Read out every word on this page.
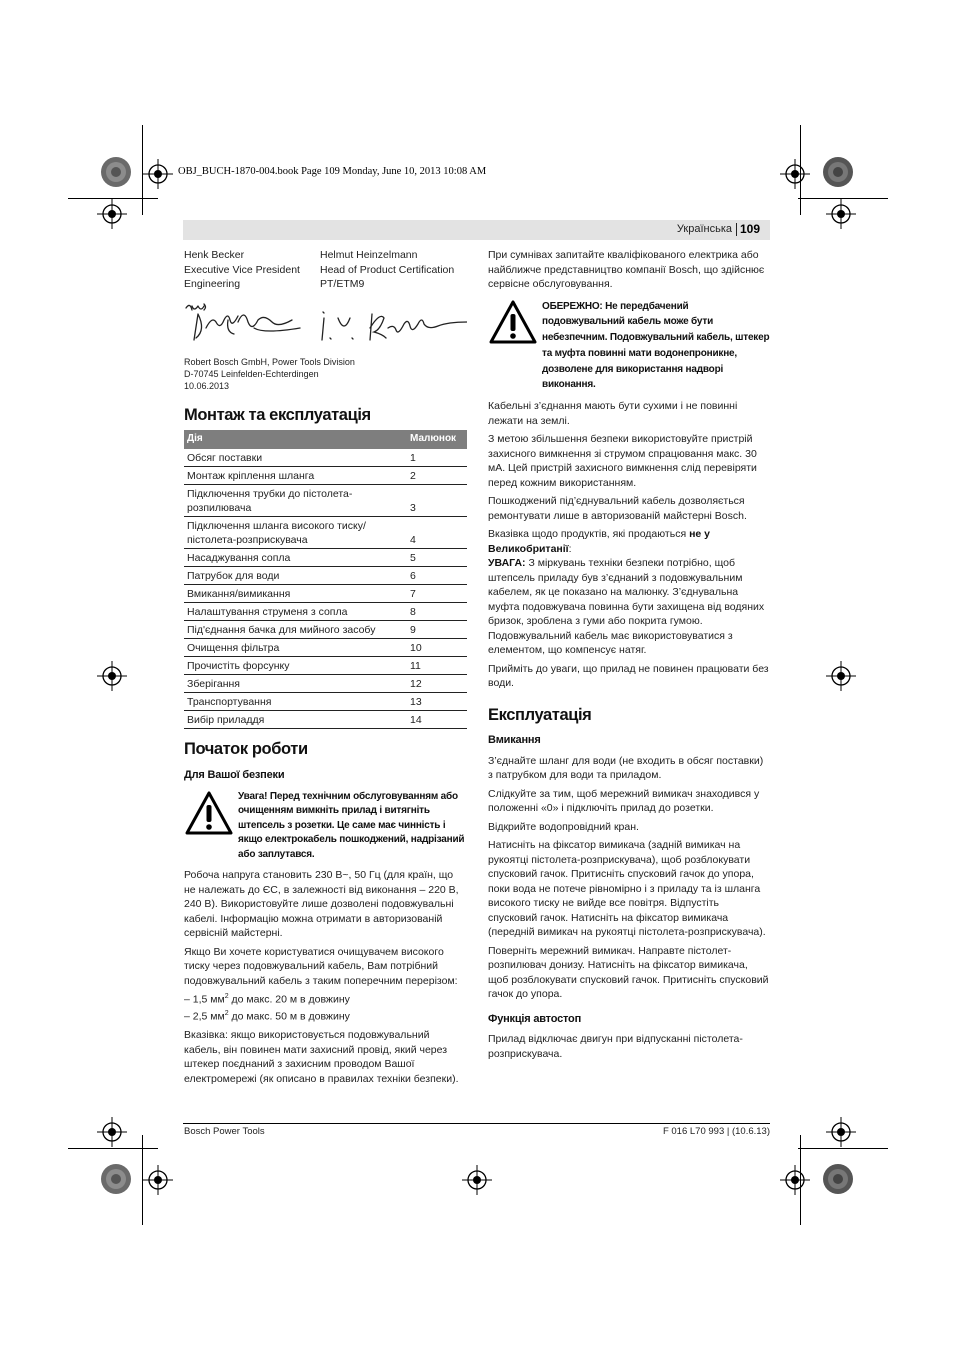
OBJ_BUCH-1870-004.book Page 109 Monday, June 10, 2013 10:08 AM
Українська 109
Henk Becker
Executive Vice President
Engineering
Helmut Heinzelmann
Head of Product Certification
PT/ETM9
Robert Bosch GmbH, Power Tools Division
D-70745 Leinfelden-Echterdingen
10.06.2013
Монтаж та експлуатація
Дія	Малюнок
Обсяг поставки	1
Монтаж кріплення шланга	2
Підключення трубки до пістолета-розпилювача	3
Підключення шланга високого тиску/пістолета-розприскувача	4
Насаджування сопла	5
Патрубок для води	6
Вмикання/вимикання	7
Налаштування струменя з сопла	8
Під'єднання бачка для мийного засобу	9
Очищення фільтра	10
Прочистіть форсунку	11
Зберігання	12
Транспортування	13
Вибір приладдя	14
Початок роботи
Для Вашої безпеки
Увага! Перед технічним обслуговуванням або очищенням вимкніть прилад і витягніть штепсель з розетки. Це саме має чинність і якщо електрокабель пошкоджений, надрізаний або заплутався.
Робоча напруга становить 230 В~, 50 Гц (для країн, що не належать до ЄС, в залежності від виконання – 220 В, 240 В). Використовуйте лише дозволені подовжувальні кабелі. Інформацію можна отримати в авторизованій сервісній майстерні.
Якщо Ви хочете користуватися очищувачем високого тиску через подовжувальний кабель, Вам потрібний подовжувальний кабель з таким поперечним перерізом:
– 1,5 $мм^2$ до макс. 20 м в довжину
– 2,5 $мм^2$ до макс. 50 м в довжину
Вказівка: якщо використовується подовжувальний кабель, він повинен мати захисний провід, який через штекер поєднаний з захисним проводом Вашої електромережі (як описано в правилах техніки безпеки).
При сумнівах запитайте кваліфікованого електрика або найближче представництво компанії Bosch, що здійснює сервісне обслуговування.
ОБЕРЕЖНО: Не передбачений подовжувальний кабель може бути небезпечним. Подовжувальний кабель, штекер та муфта повинні мати водонепроникне, дозволене для використання надворі виконання.
Кабельні з’єднання мають бути сухими і не повинні лежати на землі.
З метою збільшення безпеки використовуйте пристрій захисного вимкнення зі струмом спрацювання макс. 30 мА. Цей пристрій захисного вимкнення слід перевіряти перед кожним використанням.
Пошкоджений під’єднувальний кабель дозволяється ремонтувати лише в авторизованій майстерні Bosch.
Вказівка щодо продуктів, які продаються не у Великобританії:
УВАГА: З міркувань техніки безпеки потрібно, щоб штепсель приладу був з’єднаний з подовжувальним кабелем, як це показано на малюнку. З’єднувальна муфта подовжувача повинна бути захищена від водяних бризок, зроблена з гуми або покрита гумою. Подовжувальний кабель має використовуватися з елементом, що компенсує натяг.
Прийміть до уваги, що прилад не повинен працювати без води.
Експлуатація
Вмикання
З’єднайте шланг для води (не входить в обсяг поставки) з патрубком для води та приладом.
Слідкуйте за тим, щоб мережний вимикач знаходився у положенні «0» і підключіть прилад до розетки.
Відкрийте водопровідний кран.
Натисніть на фіксатор вимикача (задній вимикач на рукоятці пістолета-розприскувача), щоб розблокувати спусковий гачок. Притисніть спусковий гачок до упора, поки вода не потече рівномірно і з приладу та із шланга високого тиску не вийде все повітря. Відпустіть спусковий гачок. Натисніть на фіксатор вимикача (передній вимикач на рукоятці пістолета-розприскувача).
Поверніть мережний вимикач. Направте пістолет-розпилювач донизу. Натисніть на фіксатор вимикача, щоб розблокувати спусковий гачок. Притисніть спусковий гачок до упора.
Функція автостоп
Прилад відключає двигун при відпусканні пістолета-розприскувача.
Bosch Power Tools	F 016 L70 993 | (10.6.13)
